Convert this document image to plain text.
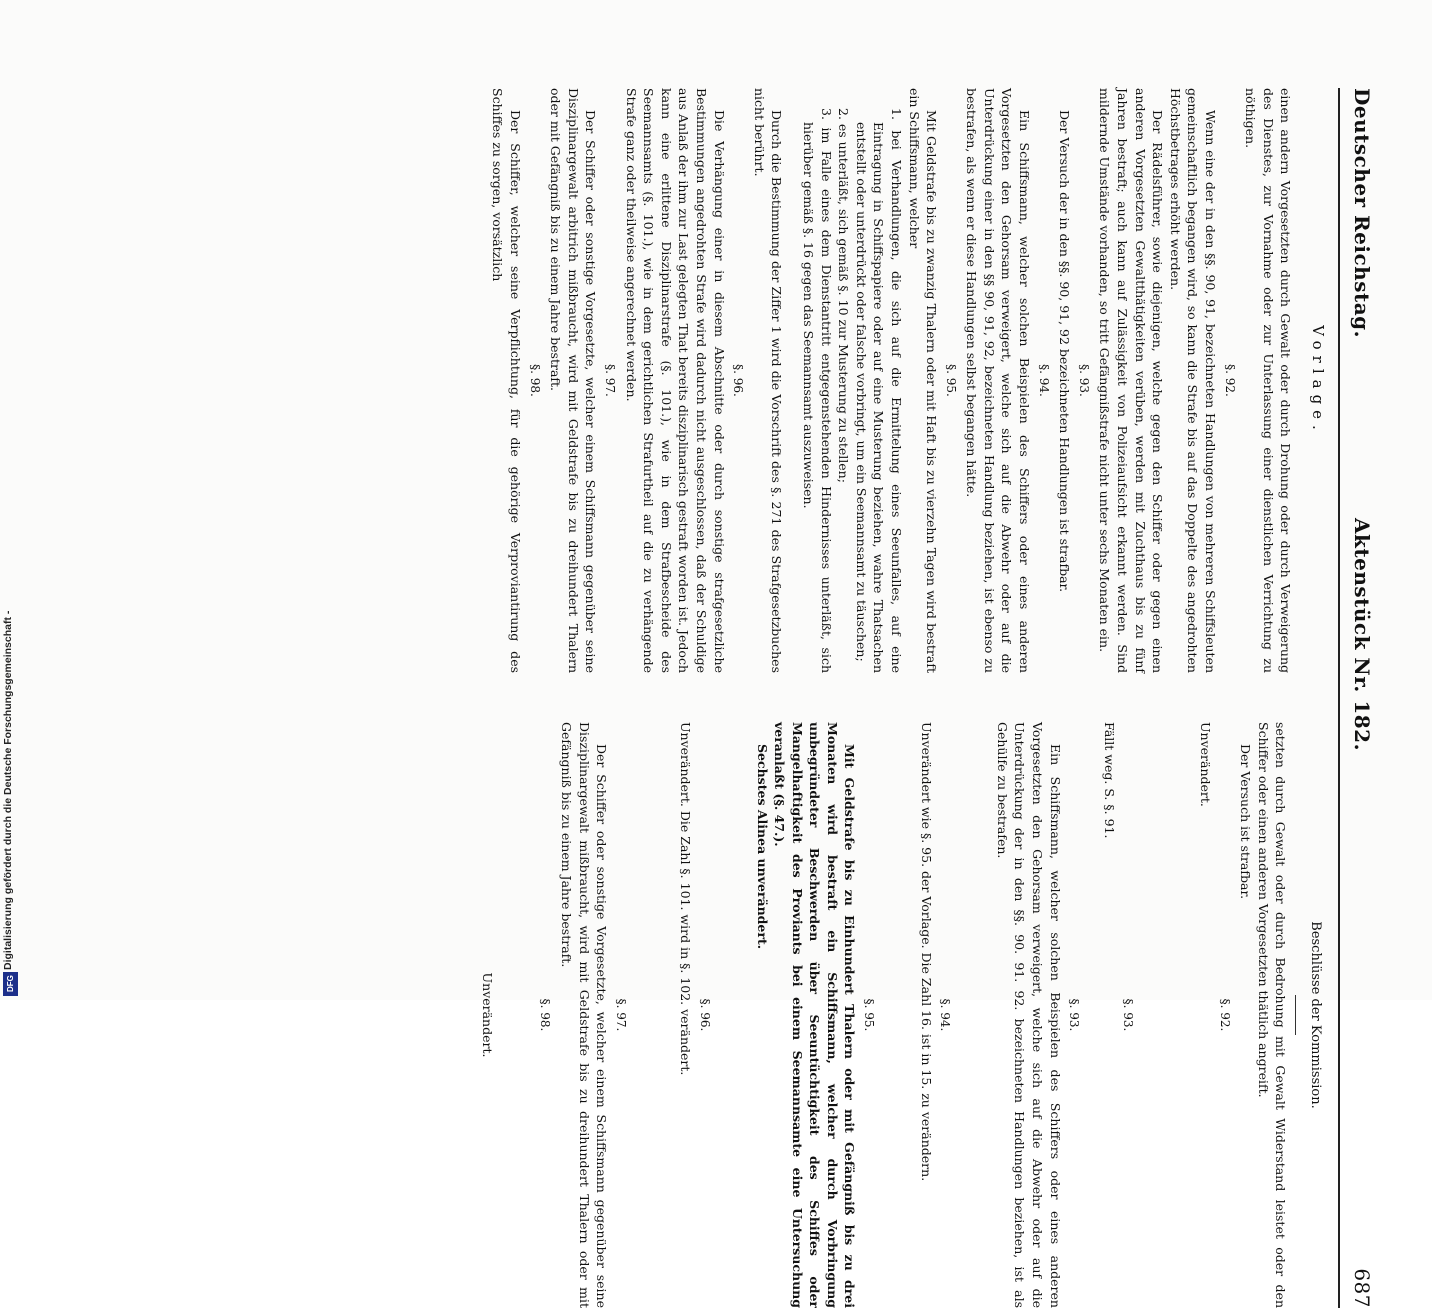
Deutscher Reichstag.
Aktenstück Nr. 182.
687
Vorlage.

einen andern Vorgesetzten durch Gewalt oder durch Drohung oder durch Verweigerung des Dienstes, zur Vornahme oder zur Unterlassung einer dienstlichen Verrichtung zu nöthigen.

§. 92.

Wenn eine der in den §§. 90, 91, bezeichneten Handlungen von mehreren Schiffsleuten gemeinschaftlich begangen wird, so kann die Strafe bis auf das Doppelte des angedrohten Höchstbetrages erhöht werden.

Der Rädelsführer, sowie diejenigen, welche gegen den Schiffer oder gegen einen anderen Vorgesetzten Gewaltthätigkeiten verüben, werden mit Zuchthaus bis zu fünf Jahren bestraft; auch kann auf Zulässigkeit von Polizeiaufsicht erkannt werden. Sind mildernde Umstände vorhanden, so tritt Gefängnißstrafe nicht unter sechs Monaten ein.

§. 93.

Der Versuch der in den §§. 90, 91, 92 bezeichneten Handlungen ist strafbar.

§. 94.

Ein Schiffsmann, welcher solchen Beispielen des Schiffers oder eines anderen Vorgesetzten den Gehorsam verweigert, welche sich auf die Abwehr oder auf die Unterdrückung einer in den §§ 90, 91, 92, bezeichneten Handlung beziehen, ist ebenso zu bestrafen, als wenn er diese Handlungen selbst begangen hätte.

§. 95.

Mit Geldstrafe bis zu zwanzig Thalern oder mit Haft bis zu vierzehn Tagen wird bestraft ein Schiffsmann, welcher

1. bei Verhandlungen, die sich auf die Ermittelung eines Seeunfalles, auf eine Eintragung in Schiffspapiere oder auf eine Musterung beziehen, wahre Thatsachen entstellt oder unterdrückt oder falsche vorbringt, um ein Seemannsamt zu täuschen;

2. es unterläßt, sich gemäß §. 10 zur Musterung zu stellen;

3. im Falle eines dem Dienstantritt entgegenstehenden Hindernisses unterläßt, sich hierüber gemäß §. 16 gegen das Seemannsamt auszuweisen.

Durch die Bestimmung der Ziffer 1 wird die Vorschrift des §. 271 des Strafgesetzbuches nicht berührt.

§. 96.

Die Verhängung einer in diesem Abschnitte oder durch sonstige strafgesetzliche Bestimmungen angedrohten Strafe wird dadurch nicht ausgeschlossen, daß der Schuldige aus Anlaß der ihm zur Last gelegten That bereits disziplinarisch gestraft worden ist. Jedoch kann eine erlittene Disziplinarstrafe (§. 101.), wie in dem Strafbescheide des Seemannsamts (§. 101.), wie in dem gerichtlichen Strafurtheil auf die zu verhängende Strafe ganz oder theilweise angerechnet werden.

§. 97.

Der Schiffer oder sonstige Vorgesetzte, welcher einem Schiffsmann gegenüber seine Disziplinargewalt arbitrich mißbraucht, wird mit Geldstrafe bis zu dreihundert Thalern oder mit Gefängniß bis zu einem Jahre bestraft.

§. 98.

Der Schiffer, welcher seine Verpflichtung, für die gehörige Verproviantirung des Schiffes zu sorgen, vorsätzlich

Beschlüsse der Kommission.

setzten durch Gewalt oder durch Bedrohung mit Gewalt Widerstand leistet oder den Schiffer oder einen anderen Vorgesetzten thätlich angreift.

Der Versuch ist strafbar.

§. 92.

Unverändert.

§. 93.

Fällt weg. S. §. 91.

§. 93.

Ein Schiffsmann, welcher solchen Beispielen des Schiffers oder eines anderen Vorgesetzten den Gehorsam verweigert, welche sich auf die Abwehr oder auf die Unterdrückung der in den §§. 90. 91. 92. bezeichneten Handlungen beziehen, ist als Gehülfe zu bestrafen.

§. 94.

Unverändert wie §. 95. der Vorlage. Die Zahl 16. ist in 15. zu verändern.

§. 95.

Mit Geldstrafe bis zu Einhundert Thalern oder mit Gefängniß bis zu drei Monaten wird bestraft ein Schiffsmann, welcher durch Vorbringung unbegründeter Beschwerden über Seeuntüchtigkeit des Schiffes oder Mangelhaftigkeit des Proviants bei einem Seemannsamte eine Untersuchung veranlaßt (§. 47.).

Sechstes Alinea unverändert.

§. 96.

Unverändert. Die Zahl §. 101. wird in §. 102. verändert.

§. 97.

Der Schiffer oder sonstige Vorgesetzte, welcher einem Schiffsmann gegenüber seine Disziplinargewalt mißbraucht, wird mit Geldstrafe bis zu dreihundert Thalern oder mit Gefängniß bis zu einem Jahre bestraft.

§. 98.

Unverändert.

Digitalisierung gefördert durch die Deutsche Forschungsgemeinschaft -
DFG
